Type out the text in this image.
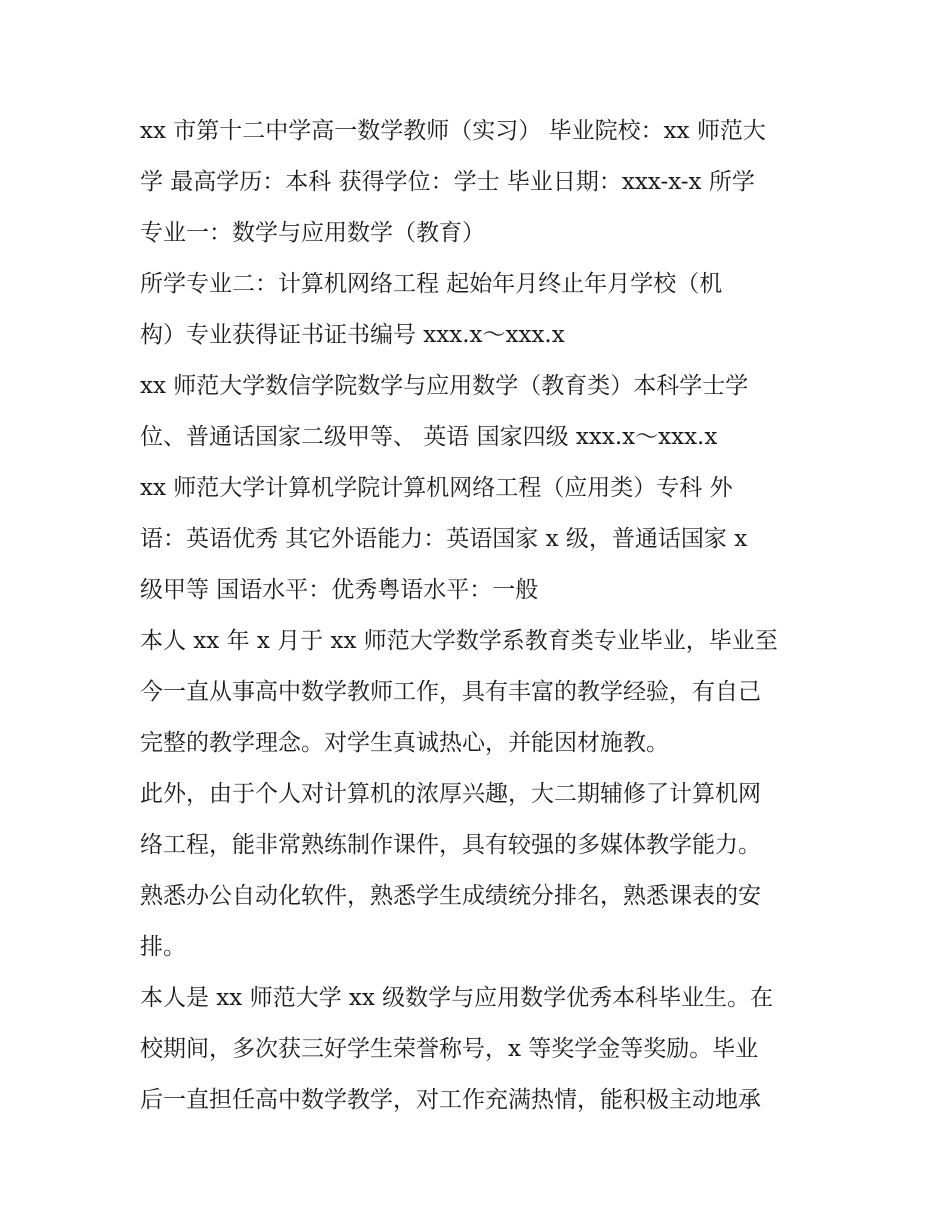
xx 市第十二中学高一数学教师（实习） 毕业院校：xx 师范大
学 最高学历：本科 获得学位：学士 毕业日期：xxx-x-x 所学
专业一：数学与应用数学（教育）
所学专业二：计算机网络工程 起始年月终止年月学校（机
构）专业获得证书证书编号 xxx.x～xxx.x
xx 师范大学数信学院数学与应用数学（教育类）本科学士学
位、普通话国家二级甲等、 英语 国家四级 xxx.x～xxx.x
xx 师范大学计算机学院计算机网络工程（应用类）专科 外
语：英语优秀 其它外语能力：英语国家 x 级，普通话国家 x
级甲等 国语水平：优秀粤语水平：一般
本人 xx 年 x 月于 xx 师范大学数学系教育类专业毕业，毕业至
今一直从事高中数学教师工作，具有丰富的教学经验，有自己
完整的教学理念。对学生真诚热心，并能因材施教。
此外，由于个人对计算机的浓厚兴趣，大二期辅修了计算机网
络工程，能非常熟练制作课件，具有较强的多媒体教学能力。
熟悉办公自动化软件，熟悉学生成绩统分排名，熟悉课表的安
排。
本人是 xx 师范大学 xx 级数学与应用数学优秀本科毕业生。在
校期间，多次获三好学生荣誉称号，x 等奖学金等奖励。毕业
后一直担任高中数学教学，对工作充满热情，能积极主动地承
